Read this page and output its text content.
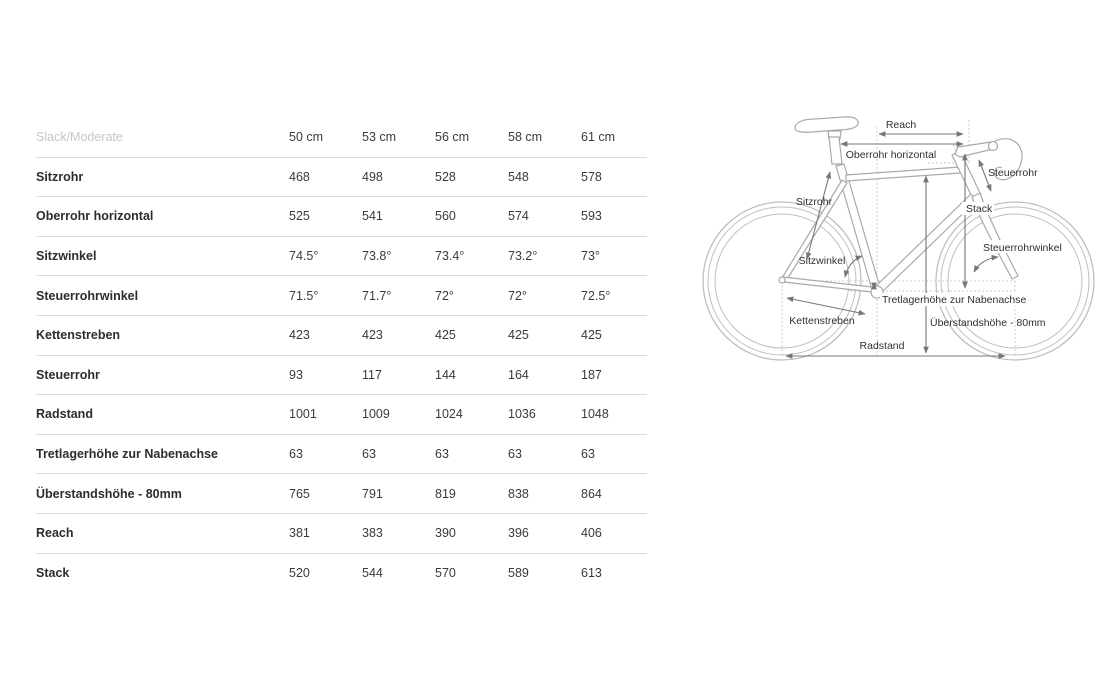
Slack/Moderate	50 cm	53 cm	56 cm	58 cm	61 cm
Sitzrohr	468	498	528	548	578
Oberrohr horizontal	525	541	560	574	593
Sitzwinkel	74.5°	73.8°	73.4°	73.2°	73°
Steuerrohrwinkel	71.5°	71.7°	72°	72°	72.5°
Kettenstreben	423	423	425	425	425
Steuerrohr	93	117	144	164	187
Radstand	1001	1009	1024	1036	1048
Tretlagerhöhe zur Nabenachse	63	63	63	63	63
Überstandshöhe - 80mm	765	791	819	838	864
Reach	381	383	390	396	406
Stack	520	544	570	589	613
Reach
Oberrohr horizontal
Steuerrohr
Sitzrohr
Stack
Steuerrohrwinkel
Sitzwinkel
Tretlagerhöhe zur Nabenachse
Kettenstreben	Überstandshöhe - 80mm
Radstand
